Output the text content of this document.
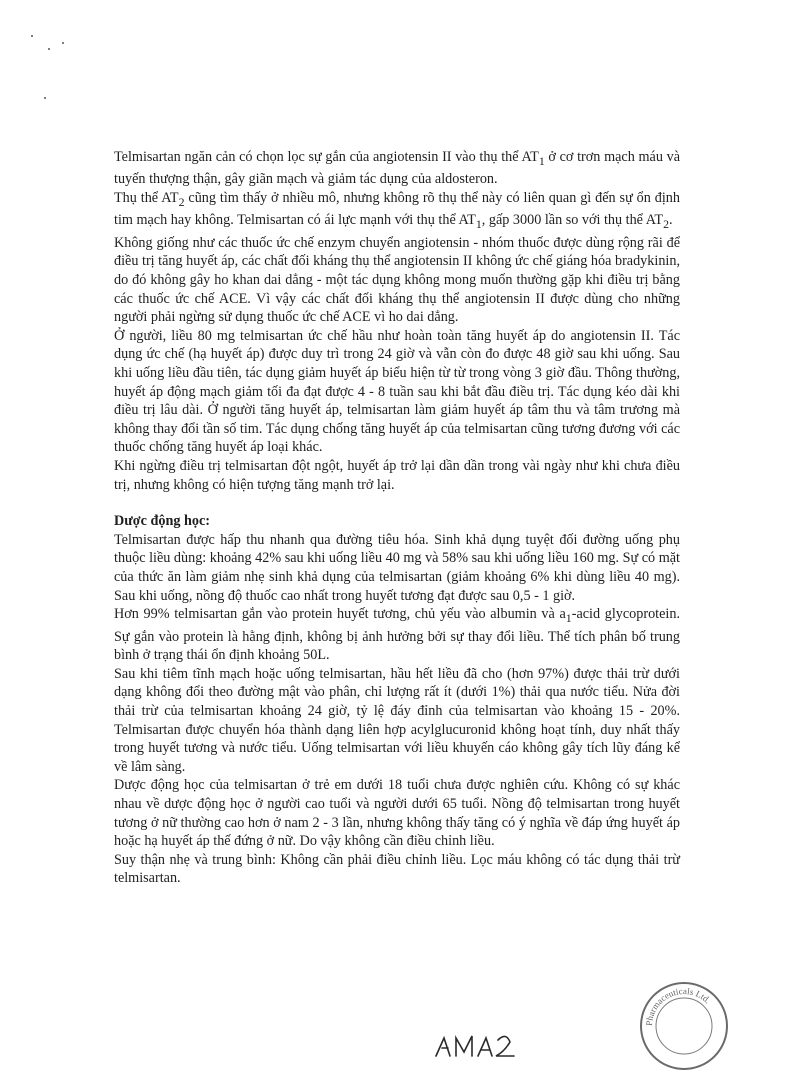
Telmisartan ngăn cản có chọn lọc sự gắn của angiotensin II vào thụ thể $AT_1$ ở cơ trơn mạch máu và tuyến thượng thận, gây giãn mạch và giảm tác dụng của aldosteron.

Thụ thể $AT_2$ cũng tìm thấy ở nhiều mô, nhưng không rõ thụ thể này có liên quan gì đến sự ổn định tim mạch hay không. Telmisartan có ái lực mạnh với thụ thể $AT_1$, gấp 3000 lần so với thụ thể $AT_2$.

Không giống như các thuốc ức chế enzym chuyển angiotensin - nhóm thuốc được dùng rộng rãi để điều trị tăng huyết áp, các chất đối kháng thụ thể angiotensin II không ức chế giáng hóa bradykinin, do đó không gây ho khan dai dẳng - một tác dụng không mong muốn thường gặp khi điều trị bằng các thuốc ức chế ACE. Vì vậy các chất đối kháng thụ thể angiotensin II được dùng cho những người phải ngừng sử dụng thuốc ức chế ACE vì ho dai dẳng.

Ở người, liều 80 mg telmisartan ức chế hầu như hoàn toàn tăng huyết áp do angiotensin II. Tác dụng ức chế (hạ huyết áp) được duy trì trong 24 giờ và vẫn còn đo được 48 giờ sau khi uống. Sau khi uống liều đầu tiên, tác dụng giảm huyết áp biểu hiện từ từ trong vòng 3 giờ đầu. Thông thường, huyết áp động mạch giảm tối đa đạt được 4 - 8 tuần sau khi bắt đầu điều trị. Tác dụng kéo dài khi điều trị lâu dài. Ở người tăng huyết áp, telmisartan làm giảm huyết áp tâm thu và tâm trương mà không thay đổi tần số tim. Tác dụng chống tăng huyết áp của telmisartan cũng tương đương với các thuốc chống tăng huyết áp loại khác.

Khi ngừng điều trị telmisartan đột ngột, huyết áp trở lại dần dần trong vài ngày như khi chưa điều trị, nhưng không có hiện tượng tăng mạnh trở lại.

Dược động học:

Telmisartan được hấp thu nhanh qua đường tiêu hóa. Sinh khả dụng tuyệt đối đường uống phụ thuộc liều dùng: khoảng 42% sau khi uống liều 40 mg và 58% sau khi uống liều 160 mg. Sự có mặt của thức ăn làm giảm nhẹ sinh khả dụng của telmisartan (giảm khoảng 6% khi dùng liều 40 mg). Sau khi uống, nồng độ thuốc cao nhất trong huyết tương đạt được sau 0,5 - 1 giờ.

Hơn 99% telmisartan gắn vào protein huyết tương, chủ yếu vào albumin và $a_1$-acid glycoprotein. Sự gắn vào protein là hằng định, không bị ảnh hưởng bởi sự thay đổi liều. Thể tích phân bố trung bình ở trạng thái ổn định khoảng 50L.

Sau khi tiêm tĩnh mạch hoặc uống telmisartan, hầu hết liều đã cho (hơn 97%) được thải trừ dưới dạng không đổi theo đường mật vào phân, chỉ lượng rất ít (dưới 1%) thải qua nước tiểu. Nửa đời thải trừ của telmisartan khoảng 24 giờ, tỷ lệ đáy đỉnh của telmisartan vào khoảng 15 - 20%. Telmisartan được chuyển hóa thành dạng liên hợp acylglucuronid không hoạt tính, duy nhất thấy trong huyết tương và nước tiểu. Uống telmisartan với liều khuyến cáo không gây tích lũy đáng kể về lâm sàng.

Dược động học của telmisartan ở trẻ em dưới 18 tuổi chưa được nghiên cứu. Không có sự khác nhau về dược động học ở người cao tuổi và người dưới 65 tuổi. Nồng độ telmisartan trong huyết tương ở nữ thường cao hơn ở nam 2 - 3 lần, nhưng không thấy tăng có ý nghĩa về đáp ứng huyết áp hoặc hạ huyết áp thế đứng ở nữ. Do vậy không cần điều chỉnh liều.

Suy thận nhẹ và trung bình: Không cần phải điều chỉnh liều. Lọc máu không có tác dụng thải trừ telmisartan.

Pharmaceuticals Ltd.
